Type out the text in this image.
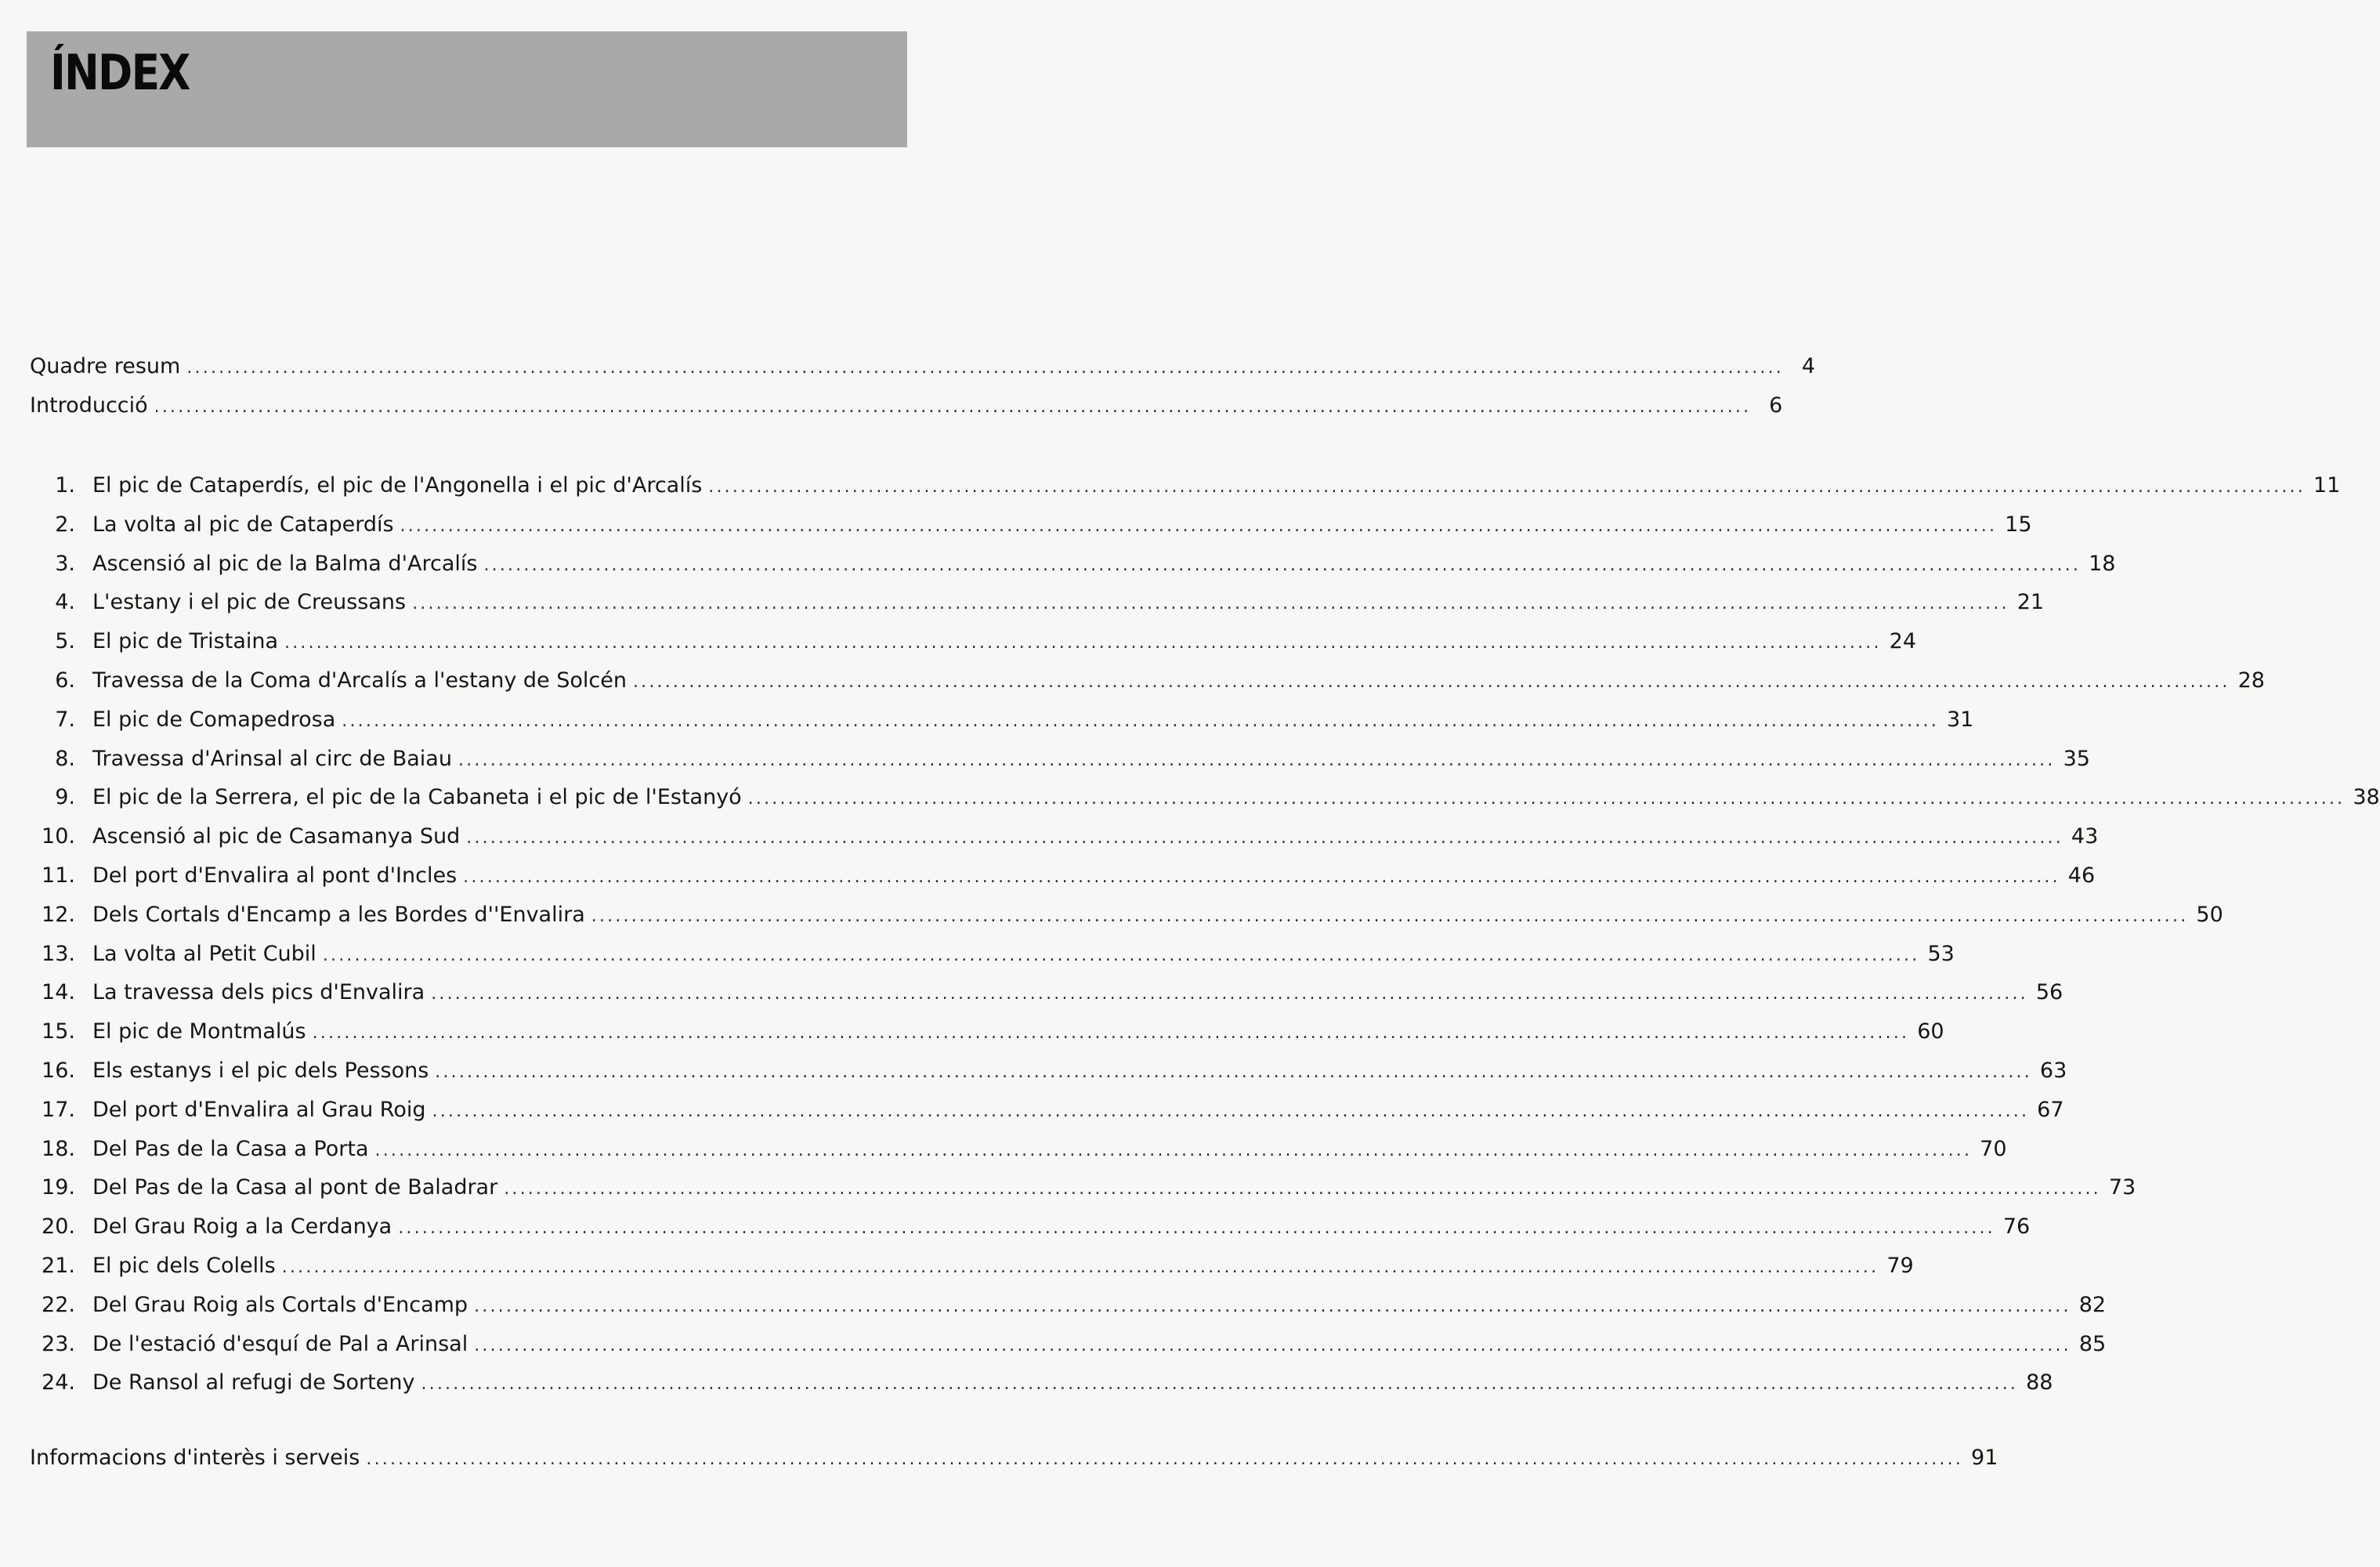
ÍNDEX
Quadre resum ........................................................................................................................................................................................................ 4
Introducció ........................................................................................................................................................................................................ 6
1. El pic de Cataperdís, el pic de l'Angonella i el pic d'Arcalís ........................................................................................................................................................................................................ 11
2. La volta al pic de Cataperdís ........................................................................................................................................................................................................ 15
3. Ascensió al pic de la Balma d'Arcalís ........................................................................................................................................................................................................ 18
4. L'estany i el pic de Creussans ........................................................................................................................................................................................................ 21
5. El pic de Tristaina ........................................................................................................................................................................................................ 24
6. Travessa de la Coma d'Arcalís a l'estany de Solcén ........................................................................................................................................................................................................ 28
7. El pic de Comapedrosa ........................................................................................................................................................................................................ 31
8. Travessa d'Arinsal al circ de Baiau ........................................................................................................................................................................................................ 35
9. El pic de la Serrera, el pic de la Cabaneta i el pic de l'Estanyó ........................................................................................................................................................................................................ 38
10. Ascensió al pic de Casamanya Sud ........................................................................................................................................................................................................ 43
11. Del port d'Envalira al pont d'Incles ........................................................................................................................................................................................................ 46
12. Dels Cortals d'Encamp a les Bordes d''Envalira ........................................................................................................................................................................................................ 50
13. La volta al Petit Cubil ........................................................................................................................................................................................................ 53
14. La travessa dels pics d'Envalira ........................................................................................................................................................................................................ 56
15. El pic de Montmalús ........................................................................................................................................................................................................ 60
16. Els estanys i el pic dels Pessons ........................................................................................................................................................................................................ 63
17. Del port d'Envalira al Grau Roig ........................................................................................................................................................................................................ 67
18. Del Pas de la Casa a Porta ........................................................................................................................................................................................................ 70
19. Del Pas de la Casa al pont de Baladrar ........................................................................................................................................................................................................ 73
20. Del Grau Roig a la Cerdanya ........................................................................................................................................................................................................ 76
21. El pic dels Colells ........................................................................................................................................................................................................ 79
22. Del Grau Roig als Cortals d'Encamp ........................................................................................................................................................................................................ 82
23. De l'estació d'esquí de Pal a Arinsal ........................................................................................................................................................................................................ 85
24. De Ransol al refugi de Sorteny ........................................................................................................................................................................................................ 88
Informacions d'interès i serveis ........................................................................................................................................................................................................ 91
